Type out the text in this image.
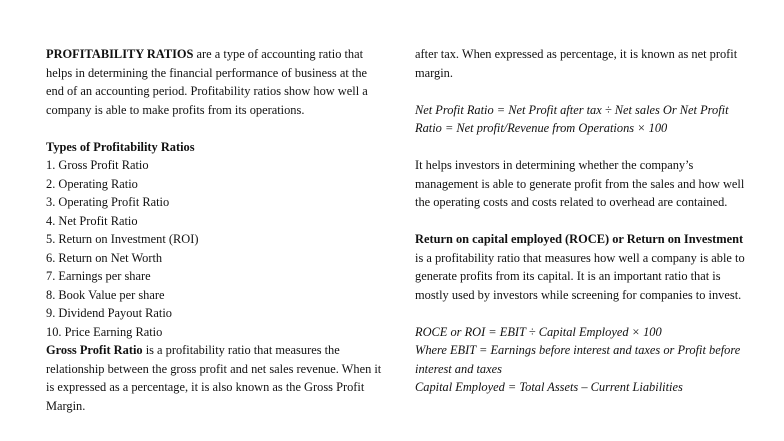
PROFITABILITY RATIOS are a type of accounting ratio that helps in determining the financial performance of business at the end of an accounting period. Profitability ratios show how well a company is able to make profits from its operations.

Types of Profitability Ratios

1. Gross Profit Ratio
2. Operating Ratio
3. Operating Profit Ratio
4. Net Profit Ratio
5. Return on Investment (ROI)
6. Return on Net Worth
7. Earnings per share
8. Book Value per share
9. Dividend Payout Ratio
10. Price Earning Ratio

Gross Profit Ratio is a profitability ratio that measures the relationship between the gross profit and net sales revenue. When it is expressed as a percentage, it is also known as the Gross Profit Margin.

after tax. When expressed as percentage, it is known as net profit margin.

Net Profit Ratio = Net Profit after tax ÷ Net sales Or Net Profit Ratio = Net profit/Revenue from Operations × 100

It helps investors in determining whether the company’s management is able to generate profit from the sales and how well the operating costs and costs related to overhead are contained.

Return on capital employed (ROCE) or Return on Investment is a profitability ratio that measures how well a company is able to generate profits from its capital. It is an important ratio that is mostly used by investors while screening for companies to invest.

ROCE or ROI = EBIT ÷ Capital Employed × 100

Where EBIT = Earnings before interest and taxes or Profit before interest and taxes

Capital Employed = Total Assets – Current Liabilities
